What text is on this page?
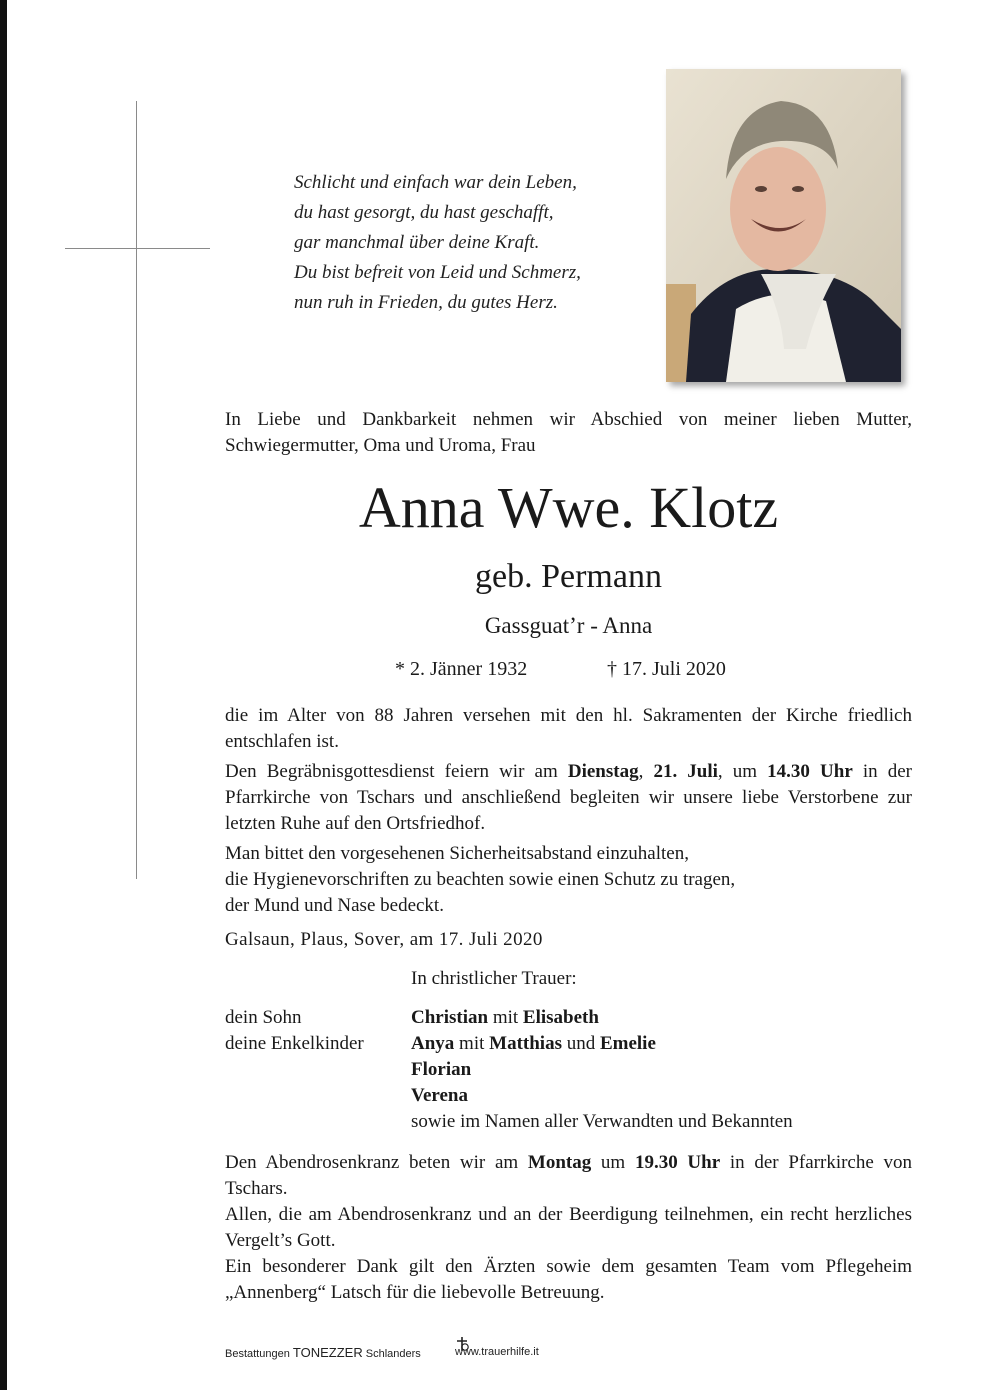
Schlicht und einfach war dein Leben,
du hast gesorgt, du hast geschafft,
gar manchmal über deine Kraft.
Du bist befreit von Leid und Schmerz,
nun ruh in Frieden, du gutes Herz.
In Liebe und Dankbarkeit nehmen wir Abschied von meiner lieben Mutter, Schwiegermutter, Oma und Uroma, Frau
Anna Wwe. Klotz
geb. Permann
Gassguat’r - Anna
* 2. Jänner 1932	† 17. Juli 2020
die im Alter von 88 Jahren versehen mit den hl. Sakramenten der Kirche friedlich entschlafen ist.
Den Begräbnisgottesdienst feiern wir am Dienstag, 21. Juli, um 14.30 Uhr in der Pfarrkirche von Tschars und anschließend begleiten wir unsere liebe Verstorbene zur letzten Ruhe auf den Ortsfriedhof.
Man bittet den vorgesehenen Sicherheitsabstand einzuhalten,
die Hygienevorschriften zu beachten sowie einen Schutz zu tragen,
der Mund und Nase bedeckt.
Galsaun, Plaus, Sover, am 17. Juli 2020
In christlicher Trauer:
dein Sohn
deine Enkelkinder
Christian mit Elisabeth
Anya mit Matthias und Emelie
Florian
Verena
sowie im Namen aller Verwandten und Bekannten
Den Abendrosenkranz beten wir am Montag um 19.30 Uhr in der Pfarrkirche von Tschars.
Allen, die am Abendrosenkranz und an der Beerdigung teilnehmen, ein recht herzliches Vergelt’s Gott.
Ein besonderer Dank gilt den Ärzten sowie dem gesamten Team vom Pflegeheim „Annenberg“ Latsch für die liebevolle Betreuung.
Bestattungen TONEZZER Schlanders	www.trauerhilfe.it
